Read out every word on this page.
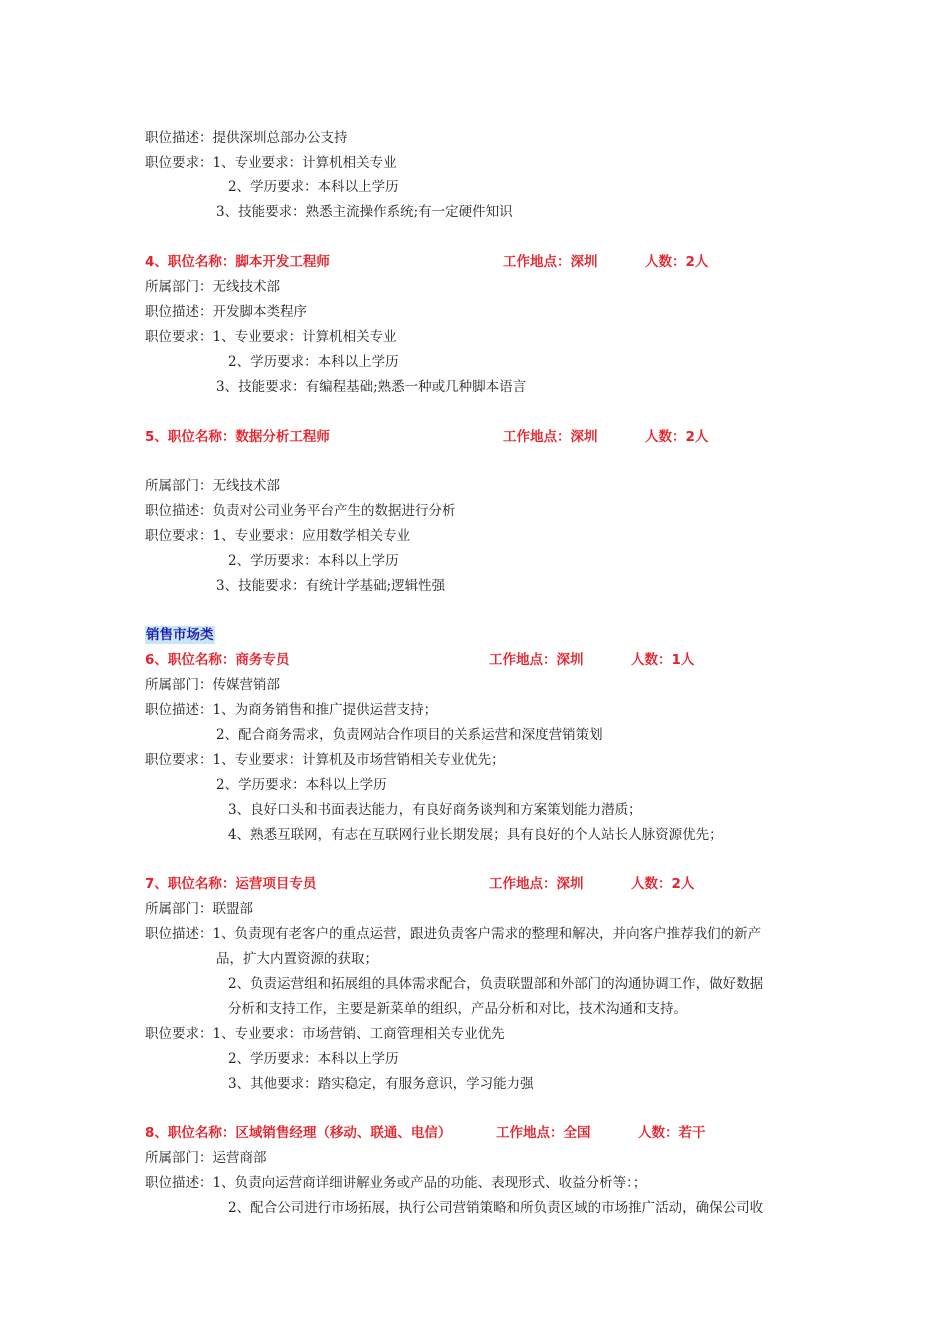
职位描述：提供深圳总部办公支持
职位要求：1、专业要求：计算机相关专业
2、学历要求：本科以上学历
3、技能要求：熟悉主流操作系统;有一定硬件知识
4、职位名称：脚本开发工程师	工作地点：深圳	人数：2人
所属部门：无线技术部
职位描述：开发脚本类程序
职位要求：1、专业要求：计算机相关专业
2、学历要求：本科以上学历
3、技能要求：有编程基础;熟悉一种或几种脚本语言
5、职位名称：数据分析工程师	工作地点：深圳	人数：2人
所属部门：无线技术部
职位描述：负责对公司业务平台产生的数据进行分析
职位要求：1、专业要求：应用数学相关专业
2、学历要求：本科以上学历
3、技能要求：有统计学基础;逻辑性强
销售市场类
6、职位名称：商务专员	工作地点：深圳	人数：1人
所属部门：传媒营销部
职位描述：1、为商务销售和推广提供运营支持；
2、配合商务需求，负责网站合作项目的关系运营和深度营销策划
职位要求：1、专业要求：计算机及市场营销相关专业优先；
2、学历要求：本科以上学历
3、良好口头和书面表达能力，有良好商务谈判和方案策划能力潜质；
4、熟悉互联网，有志在互联网行业长期发展；具有良好的个人站长人脉资源优先；
7、职位名称：运营项目专员	工作地点：深圳	人数：2人
所属部门：联盟部
职位描述：1、负责现有老客户的重点运营，跟进负责客户需求的整理和解决，并向客户推荐我们的新产
品，扩大内置资源的获取；
2、负责运营组和拓展组的具体需求配合，负责联盟部和外部门的沟通协调工作，做好数据
分析和支持工作，主要是新菜单的组织，产品分析和对比，技术沟通和支持。
职位要求：1、专业要求：市场营销、工商管理相关专业优先
2、学历要求：本科以上学历
3、其他要求：踏实稳定，有服务意识，学习能力强
8、职位名称：区域销售经理（移动、联通、电信）	工作地点：全国	人数：若干
所属部门：运营商部
职位描述：1、负责向运营商详细讲解业务或产品的功能、表现形式、收益分析等：；
2、配合公司进行市场拓展，执行公司营销策略和所负责区域的市场推广活动，确保公司收
